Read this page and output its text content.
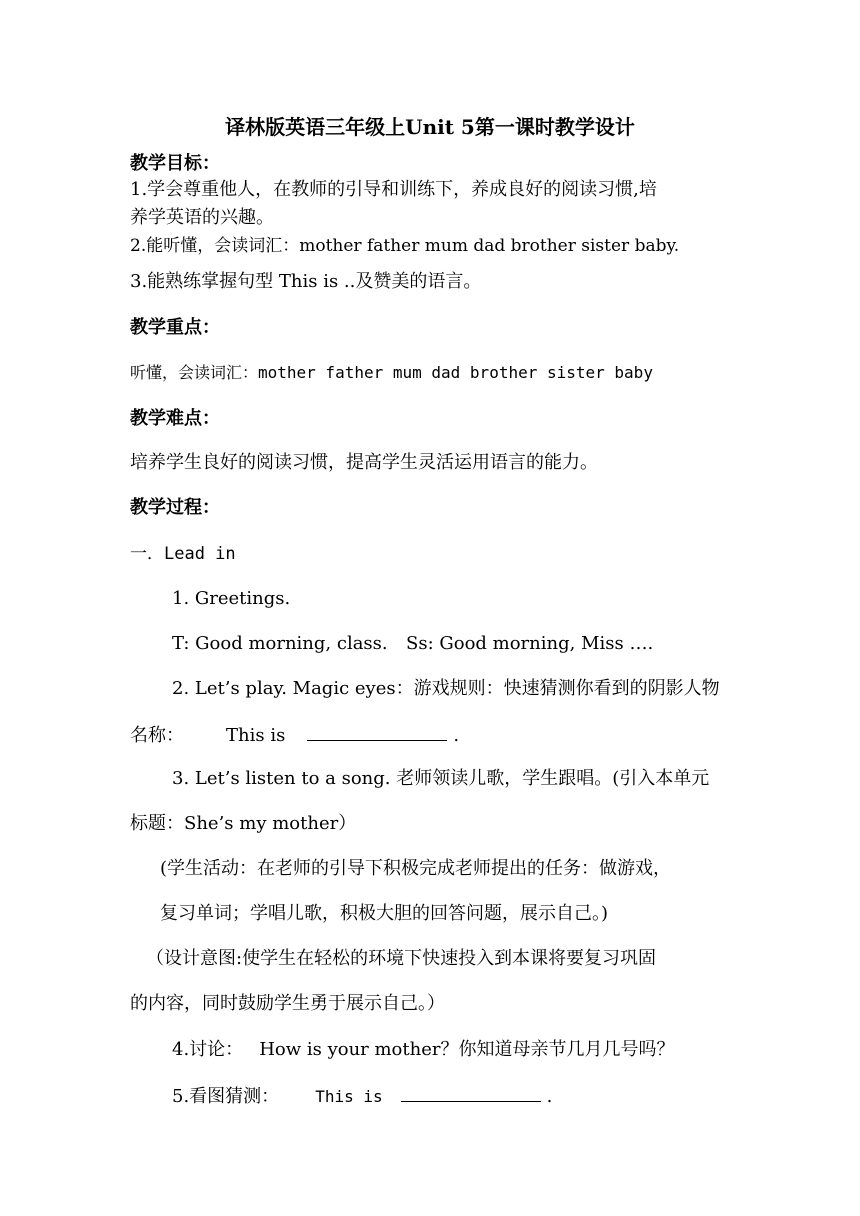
译林版英语三年级上Unit 5第一课时教学设计
教学目标：
1.学会尊重他人，在教师的引导和训练下，养成良好的阅读习惯,培
养学英语的兴趣。
2.能听懂，会读词汇：mother father mum dad brother sister baby.
3.能熟练掌握句型 This is ..及赞美的语言。
教学重点：
听懂，会读词汇：mother father mum dad brother sister baby
教学难点：
培养学生良好的阅读习惯，提高学生灵活运用语言的能力。
教学过程：
一．Lead in
1. Greetings.
T: Good morning, class. Ss: Good morning, Miss ….
2. Let’s play. Magic eyes：游戏规则：快速猜测你看到的阴影人物
名称： This is	.
3. Let’s listen to a song. 老师领读儿歌，学生跟唱。(引入本单元
标题：She’s my mother）
(学生活动：在老师的引导下积极完成老师提出的任务：做游戏，
复习单词；学唱儿歌，积极大胆的回答问题，展示自己。)
（设计意图:使学生在轻松的环境下快速投入到本课将要复习巩固
的内容，同时鼓励学生勇于展示自己。）
4.讨论： How is your mother？你知道母亲节几月几号吗？
5.看图猜测： This is	.
